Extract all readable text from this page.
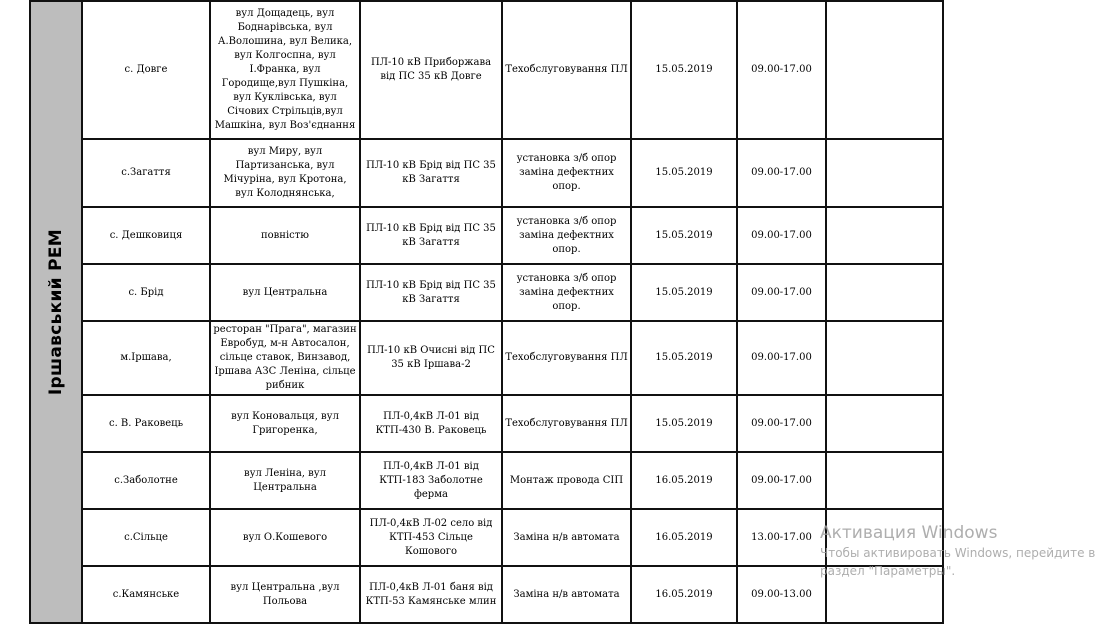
Іршавський РЕМ	с. Довге	вул Дощадець, вул Боднарівська, вул А.Волошина, вул Велика, вул Колгоспна, вул І.Франка, вул Городище,вул Пушкіна, вул Куклівська, вул Січових Стрільців,вул Машкіна, вул Воз'єднання	ПЛ-10 кВ Приборжава від ПС 35 кВ Довге	Техобслуговування ПЛ	15.05.2019	09.00-17.00	
	с.Загаття	вул Миру, вул Партизанська, вул Мічуріна, вул Кротона, вул Колоднянська,	ПЛ-10 кВ Брід від ПС 35 кВ Загаття	установка з/б опор заміна дефектних опор.	15.05.2019	09.00-17.00	
	с. Дешковиця	повністю	ПЛ-10 кВ Брід від ПС 35 кВ Загаття	установка з/б опор заміна дефектних опор.	15.05.2019	09.00-17.00	
	с. Брід	вул Центральна	ПЛ-10 кВ Брід від ПС 35 кВ Загаття	установка з/б опор заміна дефектних опор.	15.05.2019	09.00-17.00	
	м.Іршава,	ресторан "Прага", магазин Евробуд, м-н Автосалон, сільце ставок, Винзавод, Іршава АЗС Леніна, сільце рибник	ПЛ-10 кВ Очисні від ПС 35 кВ Іршава-2	Техобслуговування ПЛ	15.05.2019	09.00-17.00	
	с. В. Раковець	вул Коновальця, вул Григоренка,	ПЛ-0,4кВ Л-01 від КТП-430 В. Раковець	Техобслуговування ПЛ	15.05.2019	09.00-17.00	
	с.Заболотне	вул Леніна, вул Центральна	ПЛ-0,4кВ Л-01 від КТП-183 Заболотне ферма	Монтаж провода СІП	16.05.2019	09.00-17.00	
	с.Сільце	вул О.Кошевого	ПЛ-0,4кВ Л-02 село від КТП-453 Сільце Кошового	Заміна н/в автомата	16.05.2019	13.00-17.00	
	с.Камянське	вул Центральна ,вул Польова	ПЛ-0,4кВ Л-01 баня від КТП-53 Камянське млин	Заміна н/в автомата	16.05.2019	09.00-13.00	
Активация Windows
Чтобы активировать Windows, перейдите в
раздел "Параметры".
